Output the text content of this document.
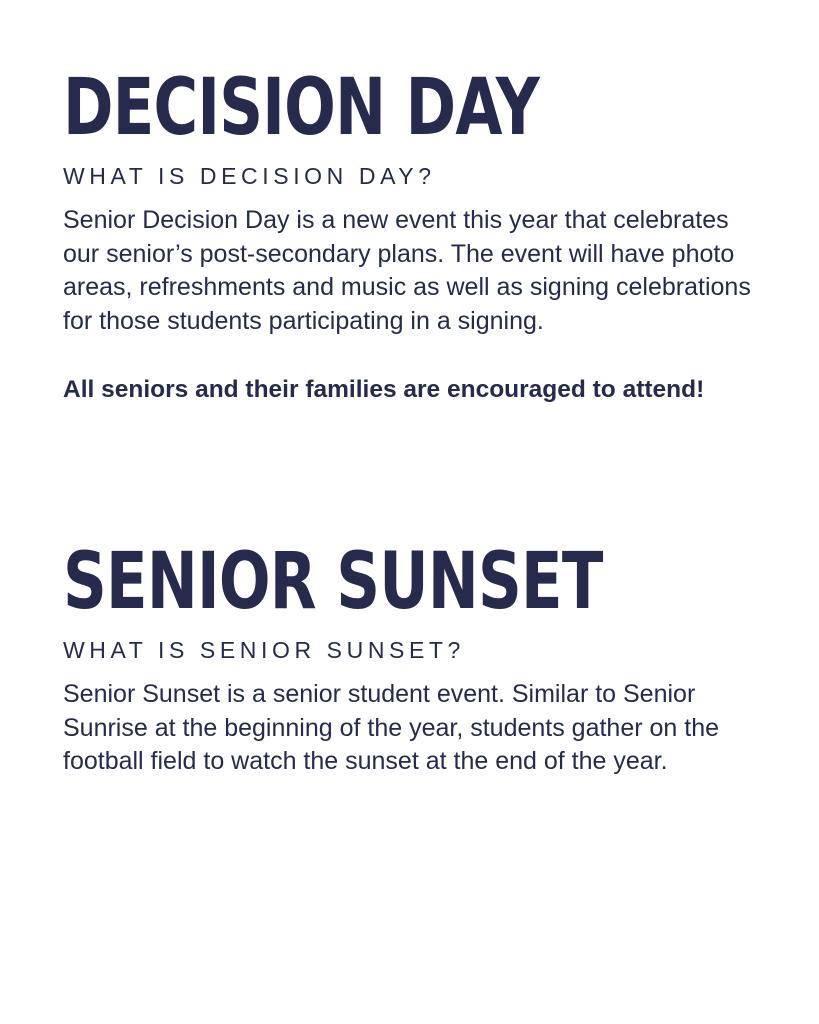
DECISION DAY
WHAT IS DECISION DAY?

Senior Decision Day is a new event this year that celebrates our senior’s post-secondary plans. The event will have photo areas, refreshments and music as well as signing celebrations for those students participating in a signing.

All seniors and their families are encouraged to attend!

SENIOR SUNSET
WHAT IS SENIOR SUNSET?

Senior Sunset is a senior student event. Similar to Senior Sunrise at the beginning of the year, students gather on the football field to watch the sunset at the end of the year.
